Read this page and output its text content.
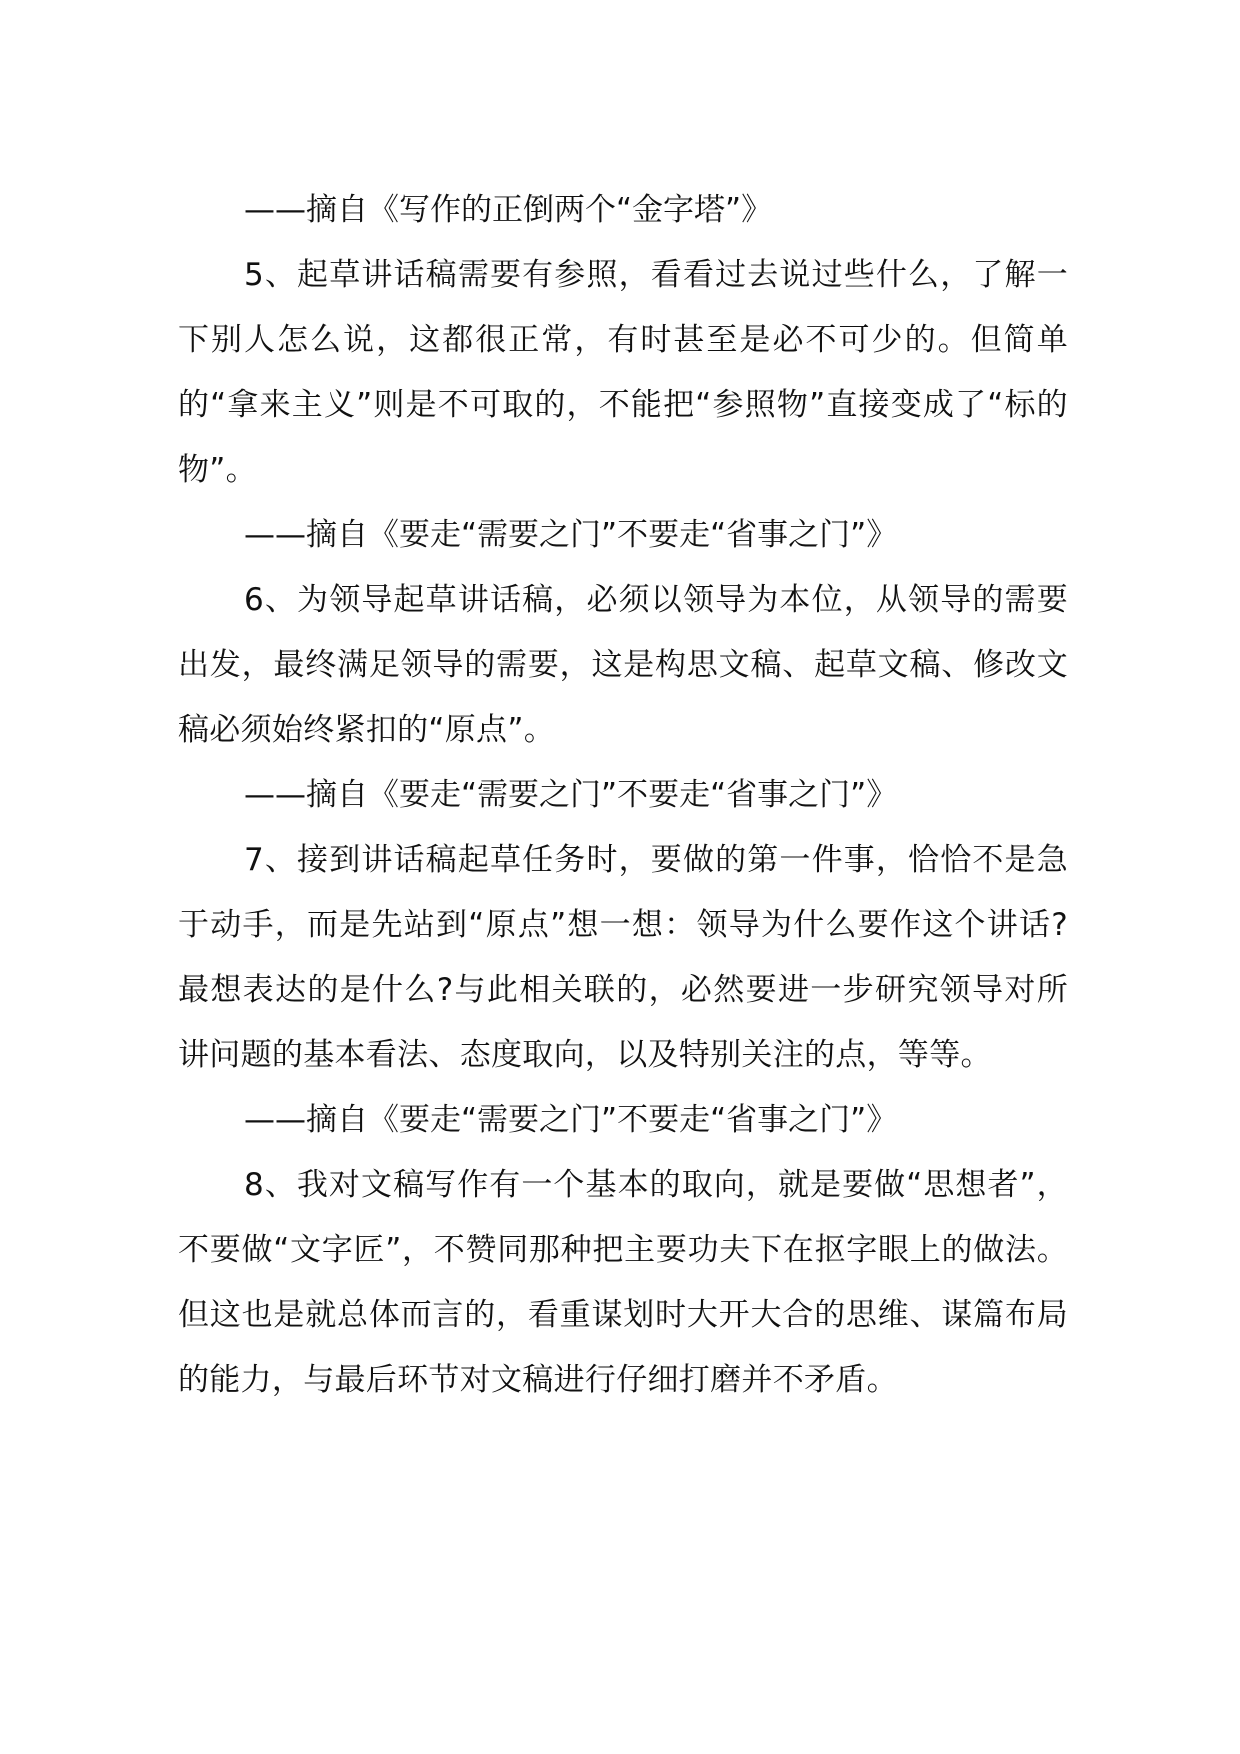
——摘自《写作的正倒两个“金字塔”》

5、起草讲话稿需要有参照，看看过去说过些什么，了解一下别人怎么说，这都很正常，有时甚至是必不可少的。但简单的“拿来主义”则是不可取的，不能把“参照物”直接变成了“标的物”。

——摘自《要走“需要之门”不要走“省事之门”》

6、为领导起草讲话稿，必须以领导为本位，从领导的需要出发，最终满足领导的需要，这是构思文稿、起草文稿、修改文稿必须始终紧扣的“原点”。

——摘自《要走“需要之门”不要走“省事之门”》

7、接到讲话稿起草任务时，要做的第一件事，恰恰不是急于动手，而是先站到“原点”想一想：领导为什么要作这个讲话?最想表达的是什么?与此相关联的，必然要进一步研究领导对所讲问题的基本看法、态度取向，以及特别关注的点，等等。

——摘自《要走“需要之门”不要走“省事之门”》

8、我对文稿写作有一个基本的取向，就是要做“思想者”，不要做“文字匠”，不赞同那种把主要功夫下在抠字眼上的做法。但这也是就总体而言的，看重谋划时大开大合的思维、谋篇布局的能力，与最后环节对文稿进行仔细打磨并不矛盾。
